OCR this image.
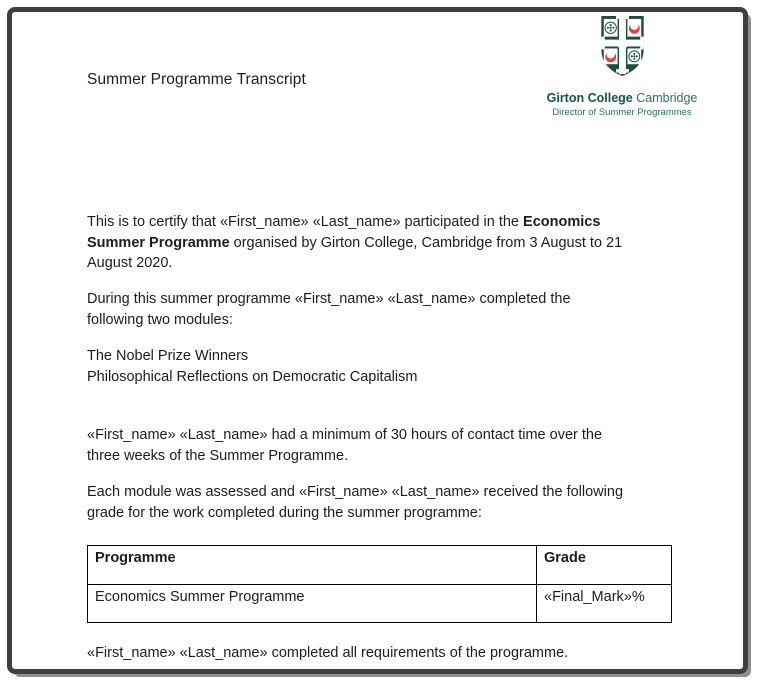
Summer Programme Transcript
Girton College Cambridge
Director of Summer Programmes

This is to certify that «First_name» «Last_name» participated in the Economics
Summer Programme organised by Girton College, Cambridge from 3 August to 21
August 2020.

During this summer programme «First_name» «Last_name» completed the
following two modules:

The Nobel Prize Winners
Philosophical Reflections on Democratic Capitalism

«First_name» «Last_name» had a minimum of 30 hours of contact time over the
three weeks of the Summer Programme.

Each module was assessed and «First_name» «Last_name» received the following
grade for the work completed during the summer programme:

Programme	Grade
Economics Summer Programme	«Final_Mark»%

«First_name» «Last_name» completed all requirements of the programme.
